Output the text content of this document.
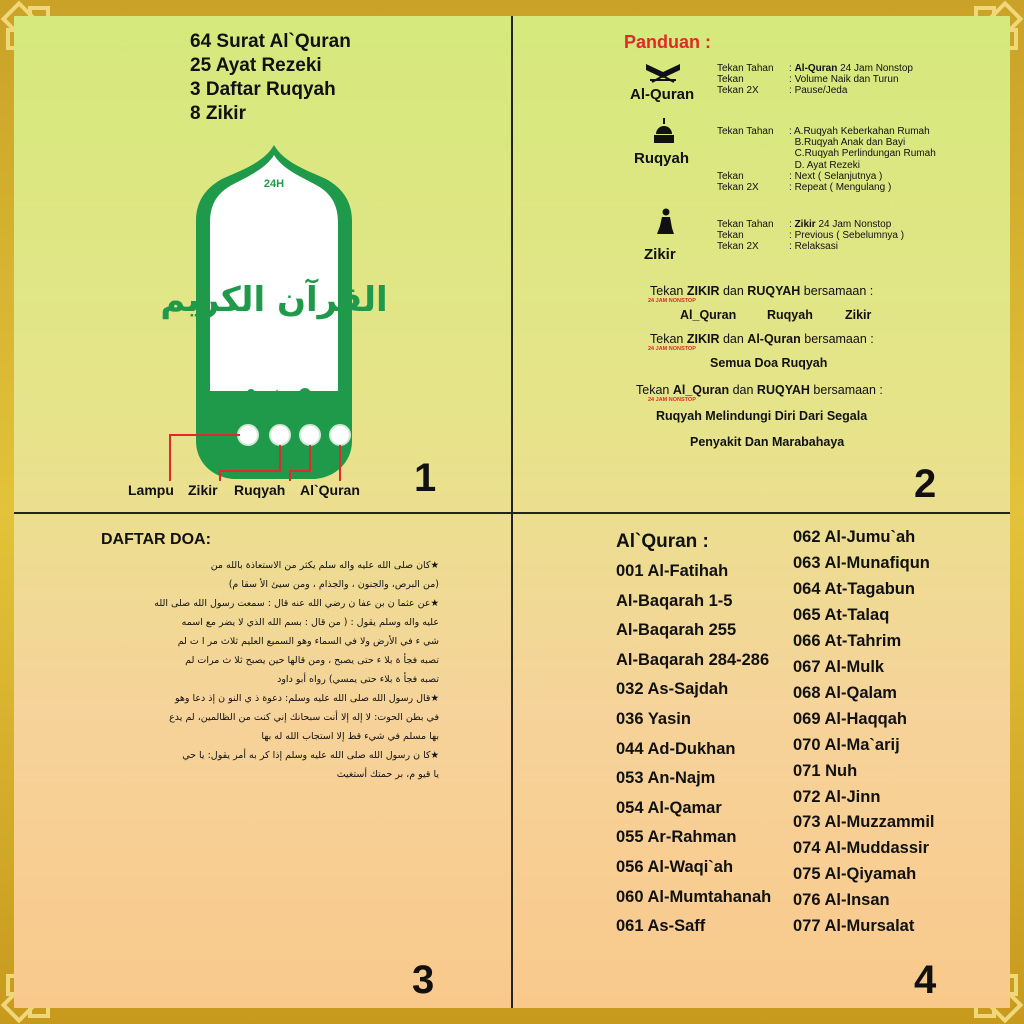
64 Surat Al`Quran
25 Ayat Rezeki
3 Daftar Ruqyah
8 Zikir
24H
القرآن الكريم
Lampu Zikir Ruqyah Al`Quran 1
Panduan :
Al-Quran
Tekan Tahan : Al-Quran 24 Jam Nonstop
Tekan	: Volume Naik dan Turun
Tekan 2X	: Pause/Jeda
Ruqyah
Tekan Tahan : A.Ruqyah Keberkahan Rumah
B.Ruqyah Anak dan Bayi
C.Ruqyah Perlindungan Rumah
D. Ayat Rezeki
Tekan	: Next ( Selanjutnya )
Tekan 2X	: Repeat ( Mengulang )
Zikir
Tekan Tahan : Zikir 24 Jam Nonstop
Tekan	: Previous ( Sebelumnya )
Tekan 2X	: Relaksasi
Tekan ZIKIR dan RUQYAH bersamaan :
24 JAM NONSTOP
Al_Quran Ruqyah	Zikir
Tekan ZIKIR dan Al-Quran bersamaan :
24 JAM NONSTOP
Semua Doa Ruqyah
Tekan Al_Quran dan RUQYAH bersamaan :
24 JAM NONSTOP
Ruqyah Melindungi Diri Dari Segala
Penyakit Dan Marabahaya
2
DAFTAR DOA:

★كان صلى الله عليه واله سلم يكثر من الاستعاذة بالله من

(من البرص، والجنون ، والجذام ، ومن سيئ الأ سقا م)

★عن عثما ن بن عفا ن رضي الله عنه قال : سمعت رسول الله صلى الله

عليه واله وسلم يقول : ( من قال : بسم الله الذي لا يضر مع اسمه

شي ء في الأرض ولا في السماء وهو السميع العليم ثلاث مر ا ت لم

تصبه فجأ ة بلا ء حتى يصبح ، ومن قالها حين يصبح ثلا ث مرات لم

تصبه فجأ ة بلاء حتى يمسي) رواه أبو داود

★قال رسول الله صلى الله عليه وسلم: دعوة ذ ي النو ن إذ دعا وهو

في بطن الحوت: لا إله إلا أنت سبحانك إني كنت من الظالمين، لم يدع

بها مسلم في شيء قط إلا استجاب الله له بها

★كا ن رسول الله صلى الله عليه وسلم إذا كر به أمر يقول: يا حي

يا قيو م، بر حمتك أستغيث

3
Al`Quran :
001 Al-Fatihah
Al-Baqarah 1-5
Al-Baqarah 255
Al-Baqarah 284-286
032 As-Sajdah
036 Yasin
044 Ad-Dukhan
053 An-Najm
054 Al-Qamar
055 Ar-Rahman
056 Al-Waqi`ah
060 Al-Mumtahanah
061 As-Saff
062 Al-Jumu`ah
063 Al-Munafiqun
064 At-Tagabun
065 At-Talaq
066 At-Tahrim
067 Al-Mulk
068 Al-Qalam
069 Al-Haqqah
070 Al-Ma`arij
071 Nuh
072 Al-Jinn
073 Al-Muzzammil
074 Al-Muddassir
075 Al-Qiyamah
076 Al-Insan
077 Al-Mursalat
4
